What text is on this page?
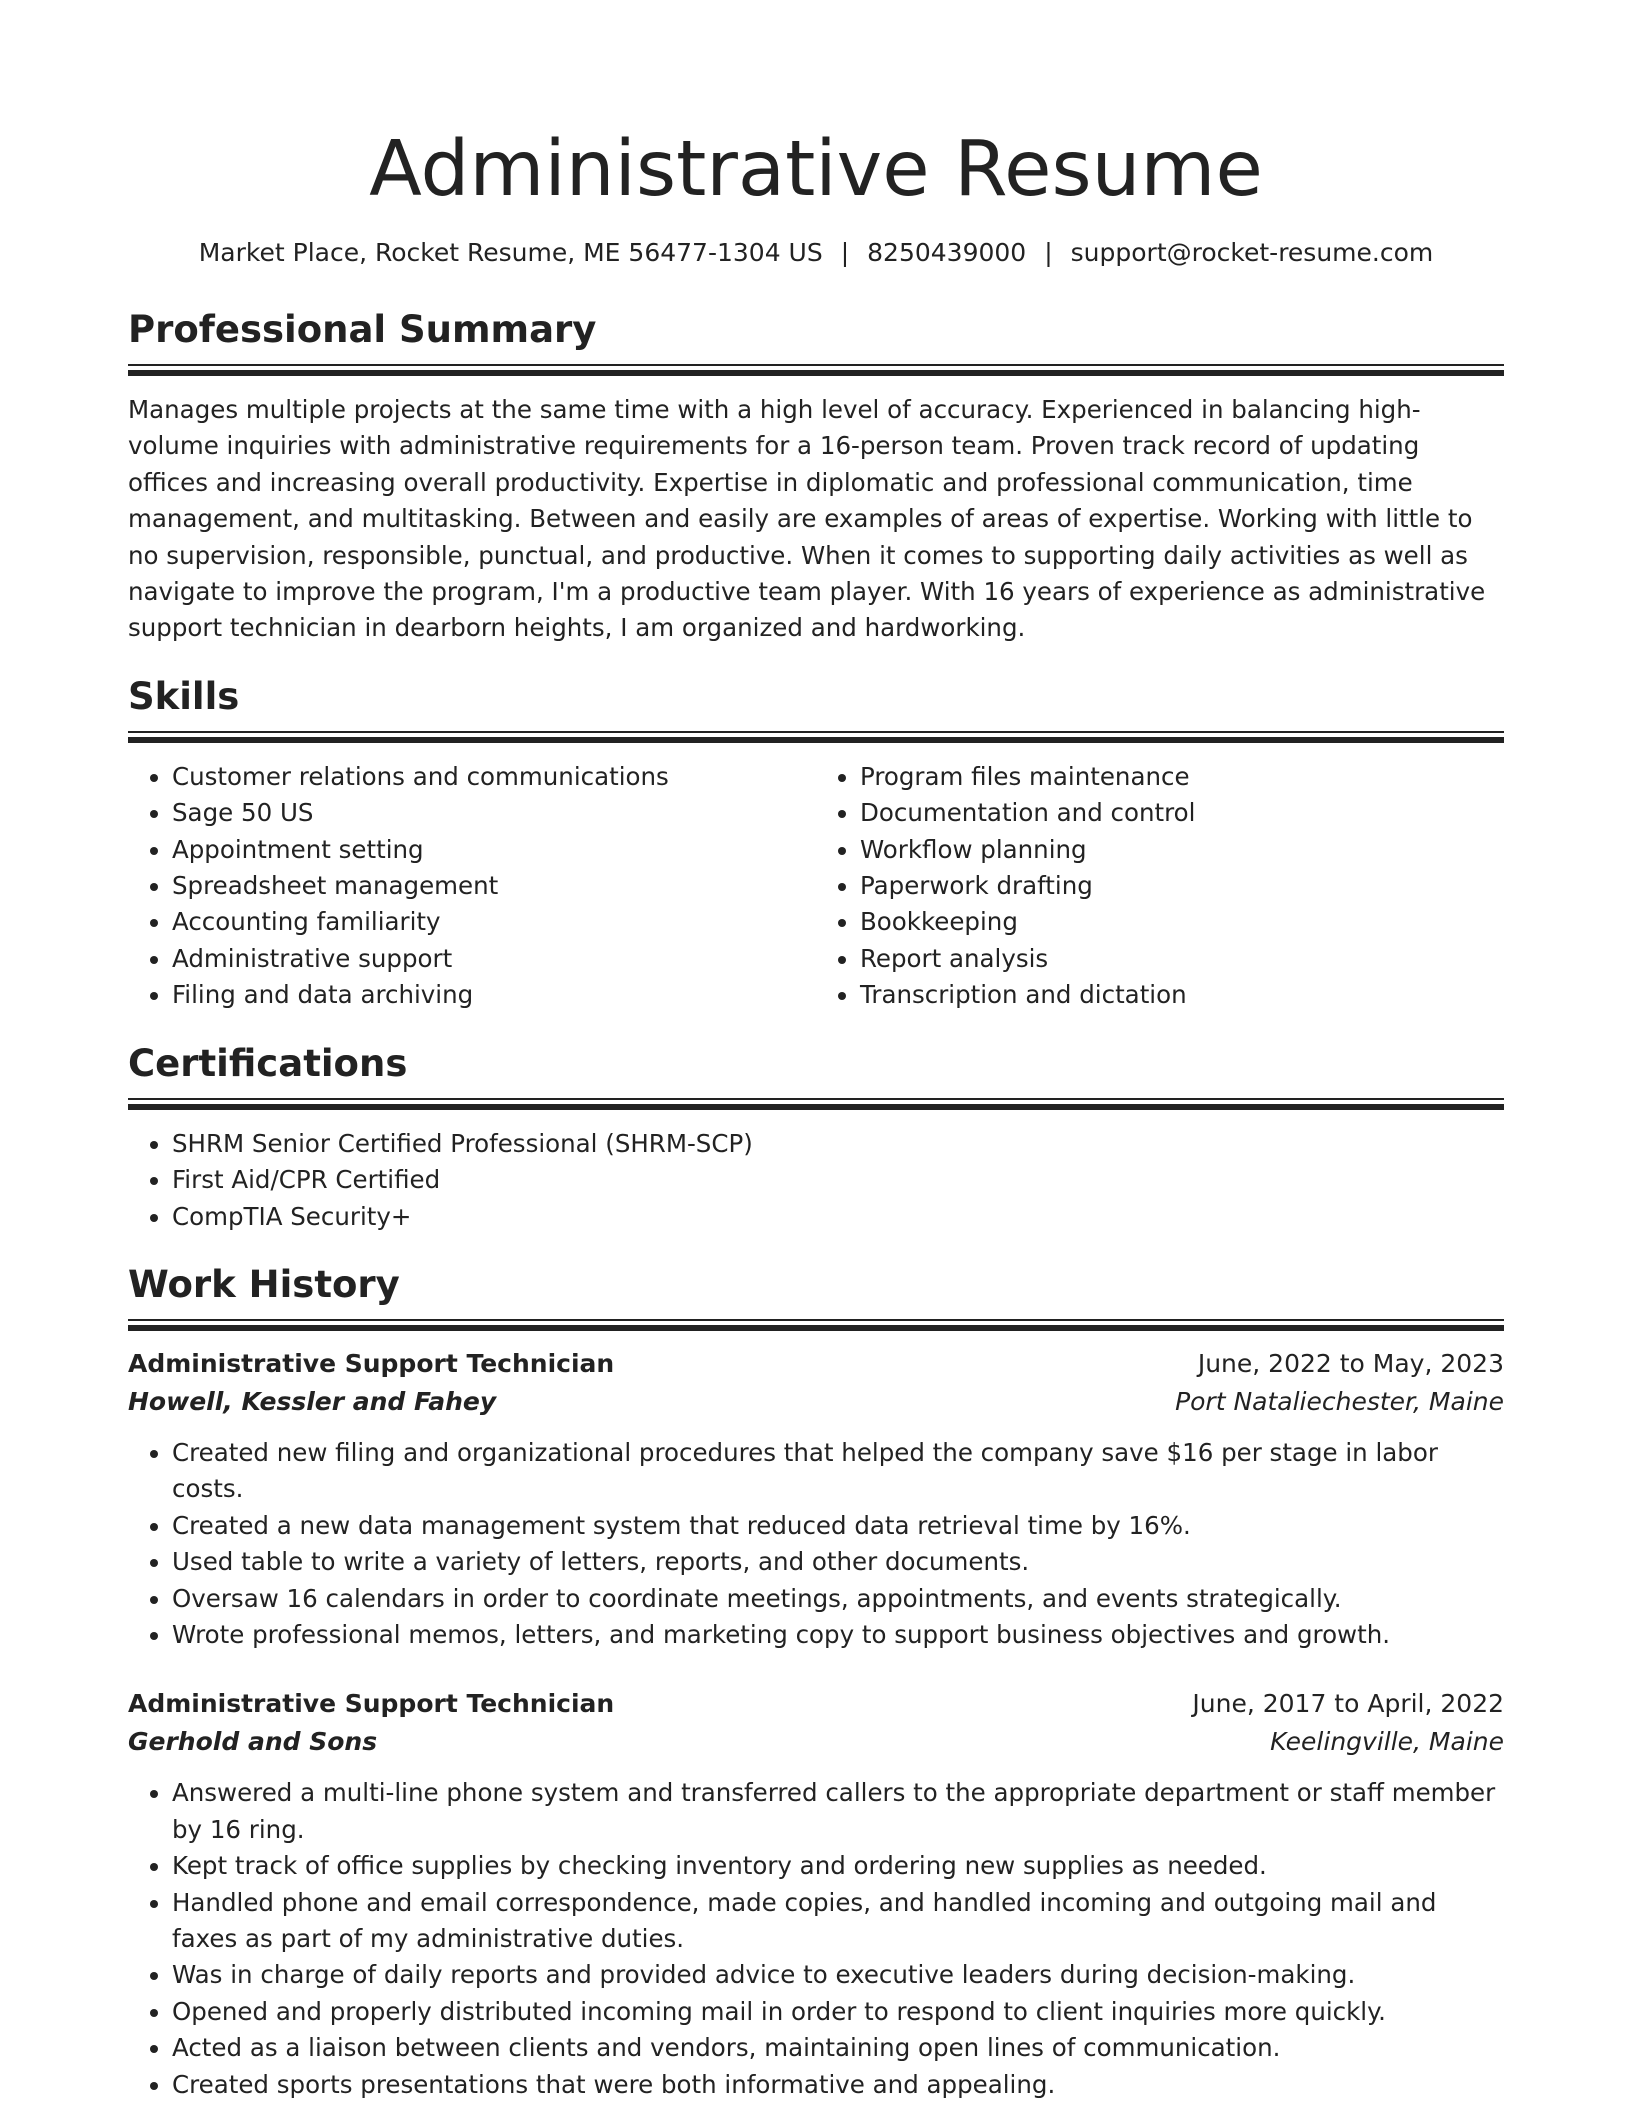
Administrative Resume
Market Place, Rocket Resume, ME 56477-1304 US | 8250439000 | support@rocket-resume.com
Professional Summary
Manages multiple projects at the same time with a high level of accuracy. Experienced in balancing high-volume inquiries with administrative requirements for a 16-person team. Proven track record of updating offices and increasing overall productivity. Expertise in diplomatic and professional communication, time management, and multitasking. Between and easily are examples of areas of expertise. Working with little to no supervision, responsible, punctual, and productive. When it comes to supporting daily activities as well as navigate to improve the program, I'm a productive team player. With 16 years of experience as administrative support technician in dearborn heights, I am organized and hardworking.
Skills
• Customer relations and communications
• Sage 50 US
• Appointment setting
• Spreadsheet management
• Accounting familiarity
• Administrative support
• Filing and data archiving
• Program files maintenance
• Documentation and control
• Workflow planning
• Paperwork drafting
• Bookkeeping
• Report analysis
• Transcription and dictation
Certifications
• SHRM Senior Certified Professional (SHRM-SCP)
• First Aid/CPR Certified
• CompTIA Security+
Work History
Administrative Support Technician	June, 2022 to May, 2023
Howell, Kessler and Fahey	Port Nataliechester, Maine
• Created new filing and organizational procedures that helped the company save $16 per stage in labor costs.
• Created a new data management system that reduced data retrieval time by 16%.
• Used table to write a variety of letters, reports, and other documents.
• Oversaw 16 calendars in order to coordinate meetings, appointments, and events strategically.
• Wrote professional memos, letters, and marketing copy to support business objectives and growth.
Administrative Support Technician	June, 2017 to April, 2022
Gerhold and Sons	Keelingville, Maine
• Answered a multi-line phone system and transferred callers to the appropriate department or staff member by 16 ring.
• Kept track of office supplies by checking inventory and ordering new supplies as needed.
• Handled phone and email correspondence, made copies, and handled incoming and outgoing mail and faxes as part of my administrative duties.
• Was in charge of daily reports and provided advice to executive leaders during decision-making.
• Opened and properly distributed incoming mail in order to respond to client inquiries more quickly.
• Acted as a liaison between clients and vendors, maintaining open lines of communication.
• Created sports presentations that were both informative and appealing.
